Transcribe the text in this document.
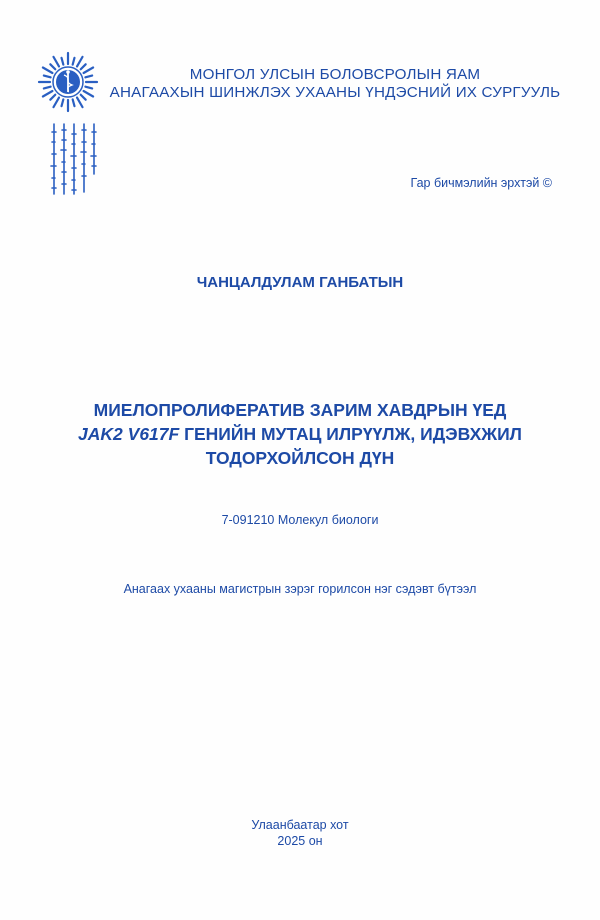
МОНГОЛ УЛСЫН БОЛОВСРОЛЫН ЯАМ
АНАГААХЫН ШИНЖЛЭХ УХААНЫ ҮНДЭСНИЙ ИХ СУРГУУЛЬ
Гар бичмэлийн эрхтэй ©
ЧАНЦАЛДУЛАМ ГАНБАТЫН
МИЕЛОПРОЛИФЕРАТИВ ЗАРИМ ХАВДРЫН ҮЕД
JAK2 V617F ГЕНИЙН МУТАЦ ИЛРҮҮЛЖ, ИДЭВХЖИЛ
ТОДОРХОЙЛСОН ДҮН
7-091210 Молекул биологи
Анагаах ухааны магистрын зэрэг горилсон нэг сэдэвт бүтээл
Улаанбаатар хот
2025 он
